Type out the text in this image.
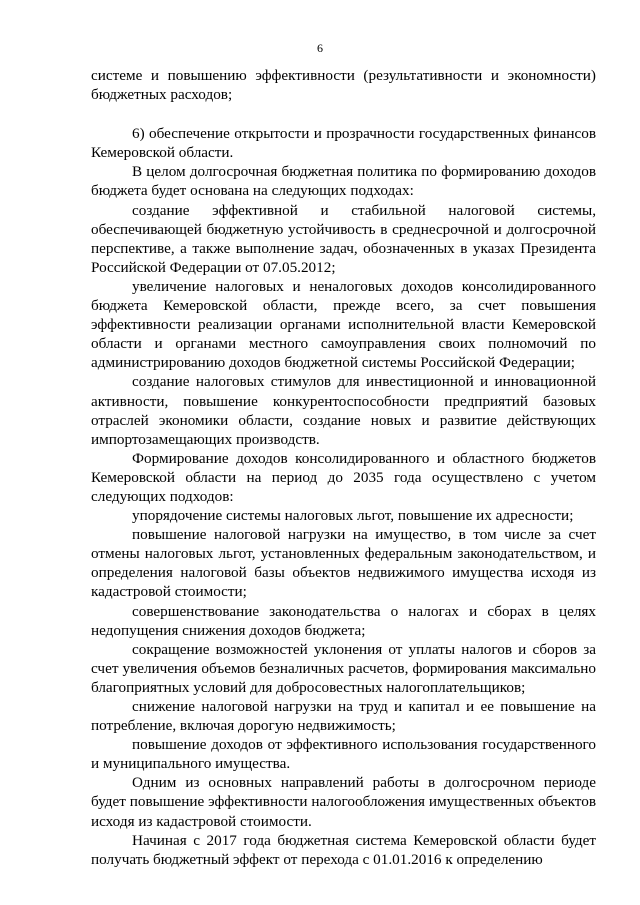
6

системе и повышению эффективности (результативности и экономности) бюджетных расходов;

6) обеспечение открытости и прозрачности государственных финансов Кемеровской области.

В целом долгосрочная бюджетная политика по формированию доходов бюджета будет основана на следующих подходах:

создание эффективной и стабильной налоговой системы, обеспечивающей бюджетную устойчивость в среднесрочной и долгосрочной перспективе, а также выполнение задач, обозначенных в указах Президента Российской Федерации от 07.05.2012;

увеличение налоговых и неналоговых доходов консолидированного бюджета Кемеровской области, прежде всего, за счет повышения эффективности реализации органами исполнительной власти Кемеровской области и органами местного самоуправления своих полномочий по администрированию доходов бюджетной системы Российской Федерации;

создание налоговых стимулов для инвестиционной и инновационной активности, повышение конкурентоспособности предприятий базовых отраслей экономики области, создание новых и развитие действующих импортозамещающих производств.

Формирование доходов консолидированного и областного бюджетов Кемеровской области на период до 2035 года осуществлено с учетом следующих подходов:

упорядочение системы налоговых льгот, повышение их адресности;

повышение налоговой нагрузки на имущество, в том числе за счет отмены налоговых льгот, установленных федеральным законодательством, и определения налоговой базы объектов недвижимого имущества исходя из кадастровой стоимости;

совершенствование законодательства о налогах и сборах в целях недопущения снижения доходов бюджета;

сокращение возможностей уклонения от уплаты налогов и сборов за счет увеличения объемов безналичных расчетов, формирования максимально благоприятных условий для добросовестных налогоплательщиков;

снижение налоговой нагрузки на труд и капитал и ее повышение на потребление, включая дорогую недвижимость;

повышение доходов от эффективного использования государственного и муниципального имущества.

Одним из основных направлений работы в долгосрочном периоде будет повышение эффективности налогообложения имущественных объектов исходя из кадастровой стоимости.

Начиная с 2017 года бюджетная система Кемеровской области будет получать бюджетный эффект от перехода с 01.01.2016 к определению
